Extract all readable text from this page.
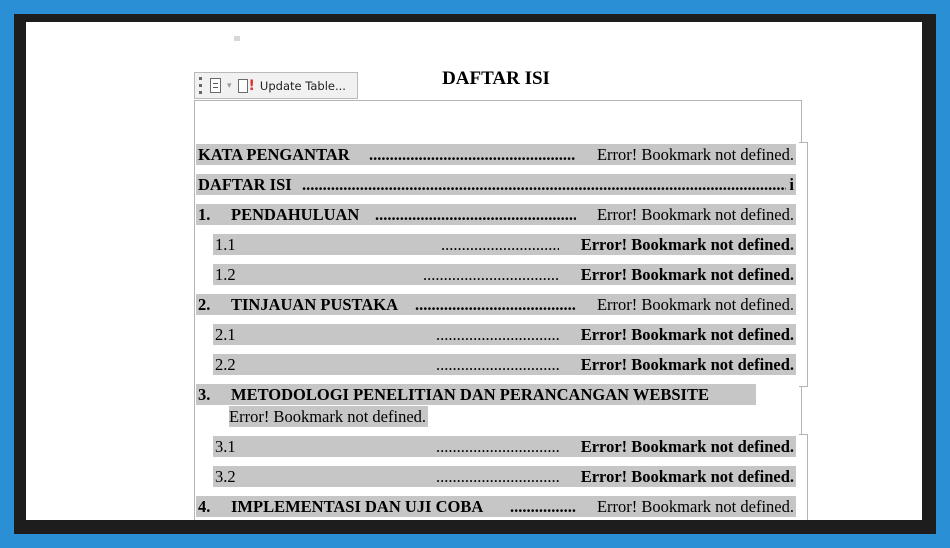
DAFTAR ISI
▾ ! Update Table...
KATA PENGANTAR .....	Error! Bookmark not defined.
DAFTAR ISI .....	i
1. PENDAHULUAN .....	Error! Bookmark not defined.
1.1 .....	Error! Bookmark not defined.
1.2 .....	Error! Bookmark not defined.
2. TINJAUAN PUSTAKA .....	Error! Bookmark not defined.
2.1 .....	Error! Bookmark not defined.
2.2 .....	Error! Bookmark not defined.
3. METODOLOGI PENELITIAN DAN PERANCANGAN WEBSITE
Error! Bookmark not defined.
3.1 .....	Error! Bookmark not defined.
3.2 .....	Error! Bookmark not defined.
4. IMPLEMENTASI DAN UJI COBA .....	Error! Bookmark not defined.
